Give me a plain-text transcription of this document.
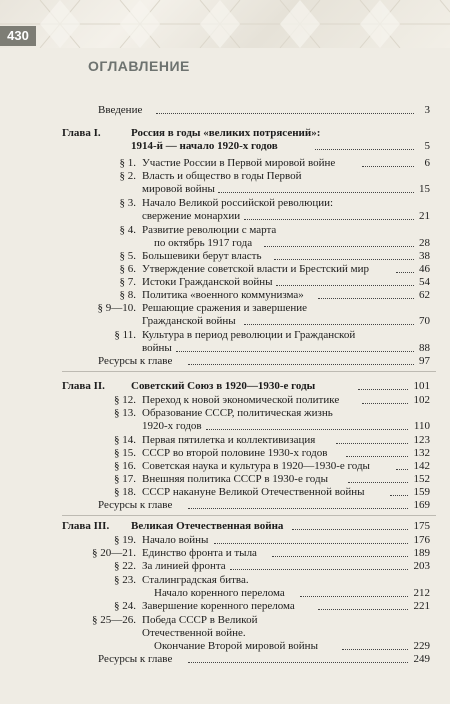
430
ОГЛАВЛЕНИЕ
Введение	3
Глава I.	Россия в годы «великих потрясений»:
1914-й — начало 1920-х годов	5
§ 1. Участие России в Первой мировой войне	6
§ 2. Власть и общество в годы Первой
мировой войны	15
§ 3. Начало Великой российской революции:
свержение монархии	21
§ 4. Развитие революции с марта
по октябрь 1917 года	28
§ 5. Большевики берут власть	38
§ 6. Утверждение советской власти и Брестский мир	46
§ 7. Истоки Гражданской войны	54
§ 8. Политика «военного коммунизма»	62
§ 9—10. Решающие сражения и завершение
Гражданской войны	70
§ 11. Культура в период революции и Гражданской
войны	88
Ресурсы к главе	97
Глава II.	Советский Союз в 1920—1930-е годы	101
§ 12. Переход к новой экономической политике	102
§ 13. Образование СССР, политическая жизнь
1920-х годов	110
§ 14. Первая пятилетка и коллективизация	123
§ 15. СССР во второй половине 1930-х годов	132
§ 16. Советская наука и культура в 1920—1930-е годы	142
§ 17. Внешняя политика СССР в 1930-е годы	152
§ 18. СССР накануне Великой Отечественной войны	159
Ресурсы к главе	169
Глава III.	Великая Отечественная война	175
§ 19. Начало войны	176
§ 20—21. Единство фронта и тыла	189
§ 22. За линией фронта	203
§ 23. Сталинградская битва.
Начало коренного перелома	212
§ 24. Завершение коренного перелома	221
§ 25—26. Победа СССР в Великой
Отечественной войне.
Окончание Второй мировой войны	229
Ресурсы к главе	249
